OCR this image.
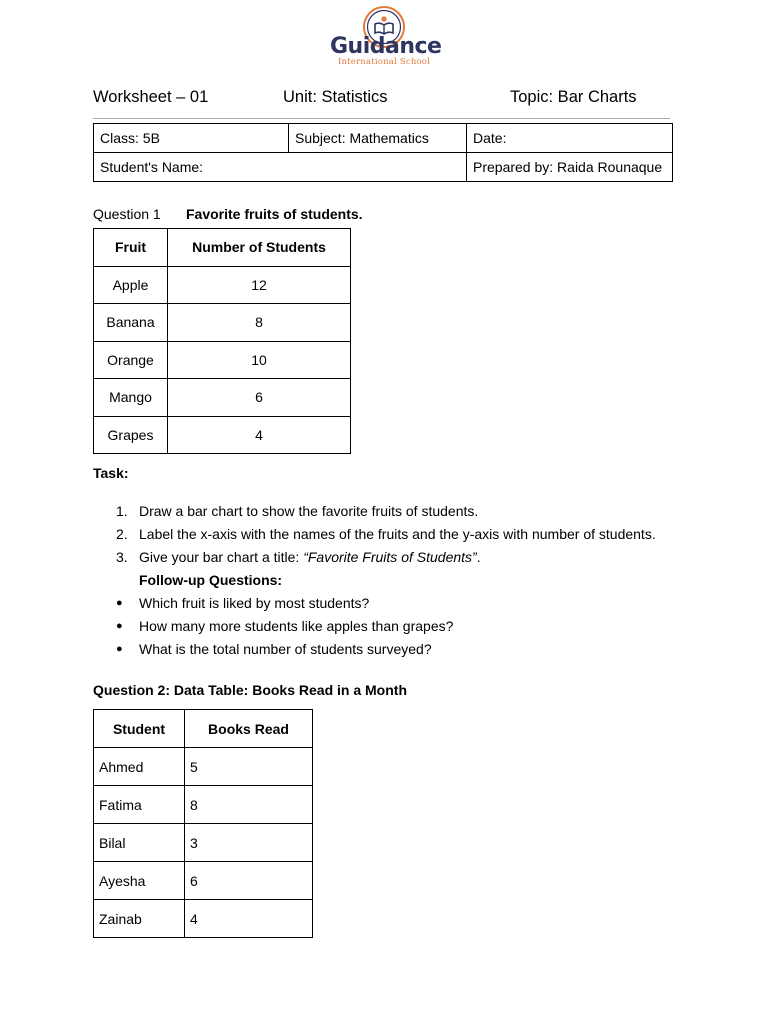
Guidance
International School
Worksheet – 01	Unit: Statistics	Topic: Bar Charts
Class: 5B	Subject: Mathematics	Date:
Student's Name:		Prepared by: Raida Rounaque
Question 1 Favorite fruits of students.
Fruit	Number of Students
Apple	12
Banana	8
Orange	10
Mango	6
Grapes	4
Task:
1. Draw a bar chart to show the favorite fruits of students.
2. Label the x-axis with the names of the fruits and the y-axis with number of students.
3. Give your bar chart a title: “Favorite Fruits of Students”.
Follow-up Questions:
● Which fruit is liked by most students?
● How many more students like apples than grapes?
● What is the total number of students surveyed?
Question 2: Data Table: Books Read in a Month
Student	Books Read
Ahmed	5
Fatima	8
Bilal	3
Ayesha	6
Zainab	4
